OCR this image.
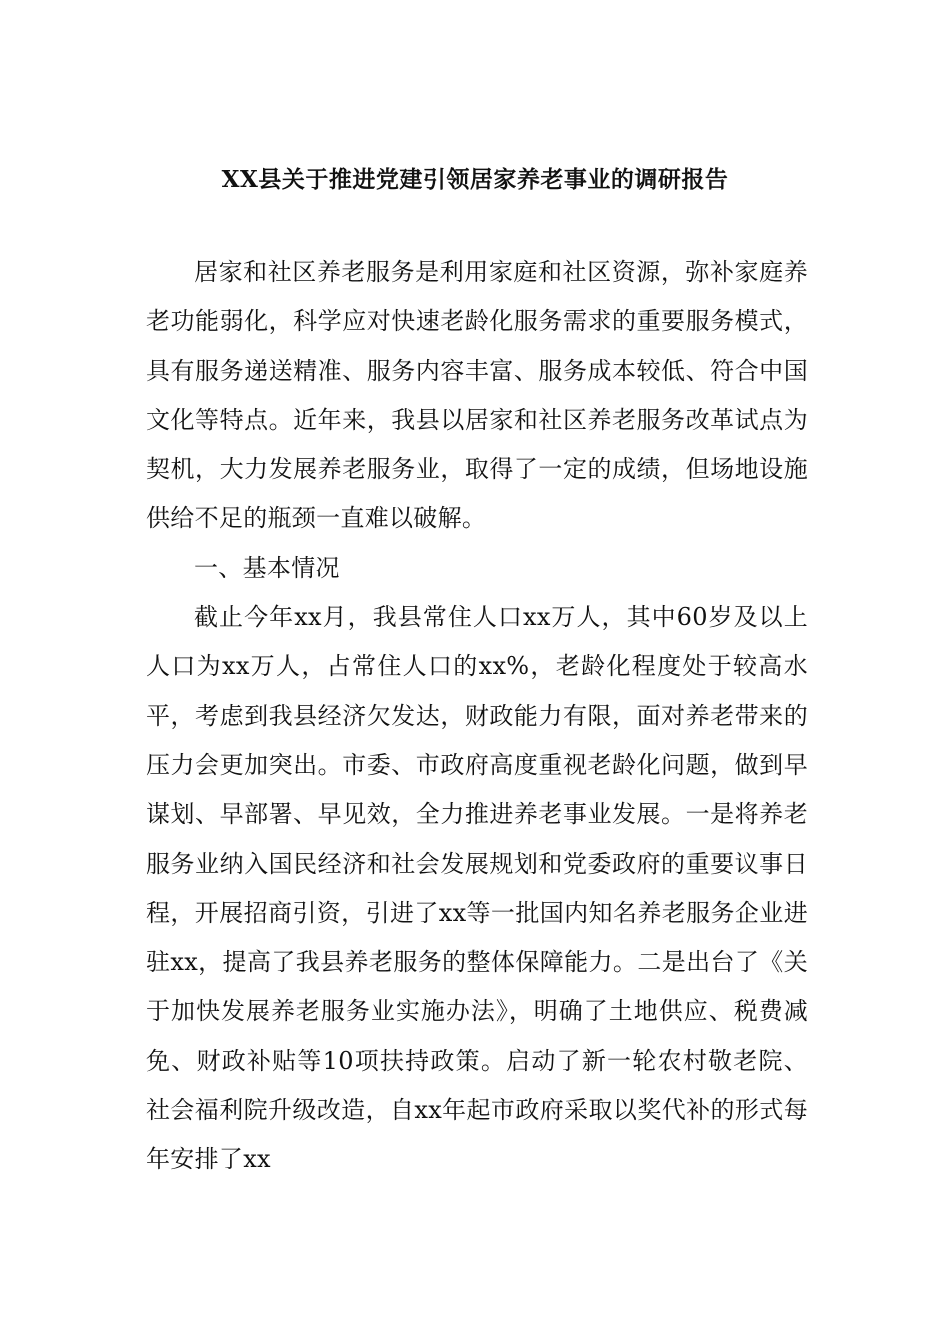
XX县关于推进党建引领居家养老事业的调研报告

居家和社区养老服务是利用家庭和社区资源，弥补家庭养老功能弱化，科学应对快速老龄化服务需求的重要服务模式，具有服务递送精准、服务内容丰富、服务成本较低、符合中国文化等特点。近年来，我县以居家和社区养老服务改革试点为契机，大力发展养老服务业，取得了一定的成绩，但场地设施供给不足的瓶颈一直难以破解。

一、基本情况

截止今年xx月，我县常住人口xx万人，其中60岁及以上人口为xx万人，占常住人口的xx%，老龄化程度处于较高水平，考虑到我县经济欠发达，财政能力有限，面对养老带来的压力会更加突出。市委、市政府高度重视老龄化问题，做到早谋划、早部署、早见效，全力推进养老事业发展。一是将养老服务业纳入国民经济和社会发展规划和党委政府的重要议事日程，开展招商引资，引进了xx等一批国内知名养老服务企业进驻xx，提高了我县养老服务的整体保障能力。二是出台了《关于加快发展养老服务业实施办法》，明确了土地供应、税费减免、财政补贴等10项扶持政策。启动了新一轮农村敬老院、社会福利院升级改造，自xx年起市政府采取以奖代补的形式每年安排了xx
